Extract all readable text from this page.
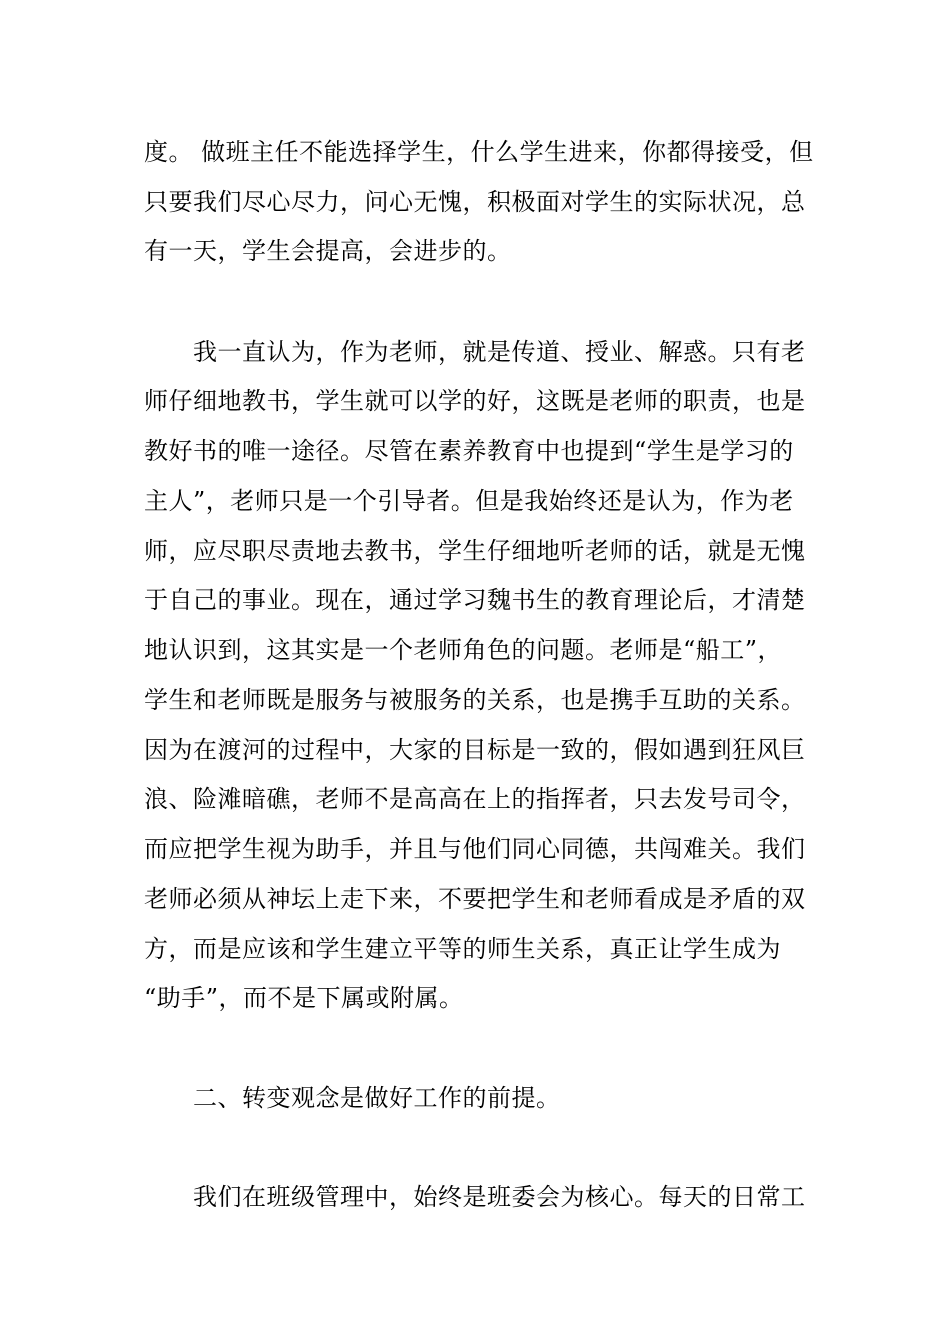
度。 做班主任不能选择学生，什么学生进来，你都得接受，但
只要我们尽心尽力，问心无愧，积极面对学生的实际状况，总
有一天，学生会提高，会进步的。
我一直认为，作为老师，就是传道、授业、解惑。只有老
师仔细地教书，学生就可以学的好，这既是老师的职责，也是
教好书的唯一途径。尽管在素养教育中也提到“学生是学习的
主人”，老师只是一个引导者。但是我始终还是认为，作为老
师，应尽职尽责地去教书，学生仔细地听老师的话，就是无愧
于自己的事业。现在，通过学习魏书生的教育理论后，才清楚
地认识到，这其实是一个老师角色的问题。老师是“船工”，
学生和老师既是服务与被服务的关系，也是携手互助的关系。
因为在渡河的过程中，大家的目标是一致的，假如遇到狂风巨
浪、险滩暗礁，老师不是高高在上的指挥者，只去发号司令，
而应把学生视为助手，并且与他们同心同德，共闯难关。我们
老师必须从神坛上走下来，不要把学生和老师看成是矛盾的双
方，而是应该和学生建立平等的师生关系，真正让学生成为
“助手”，而不是下属或附属。
二、转变观念是做好工作的前提。
我们在班级管理中，始终是班委会为核心。每天的日常工
